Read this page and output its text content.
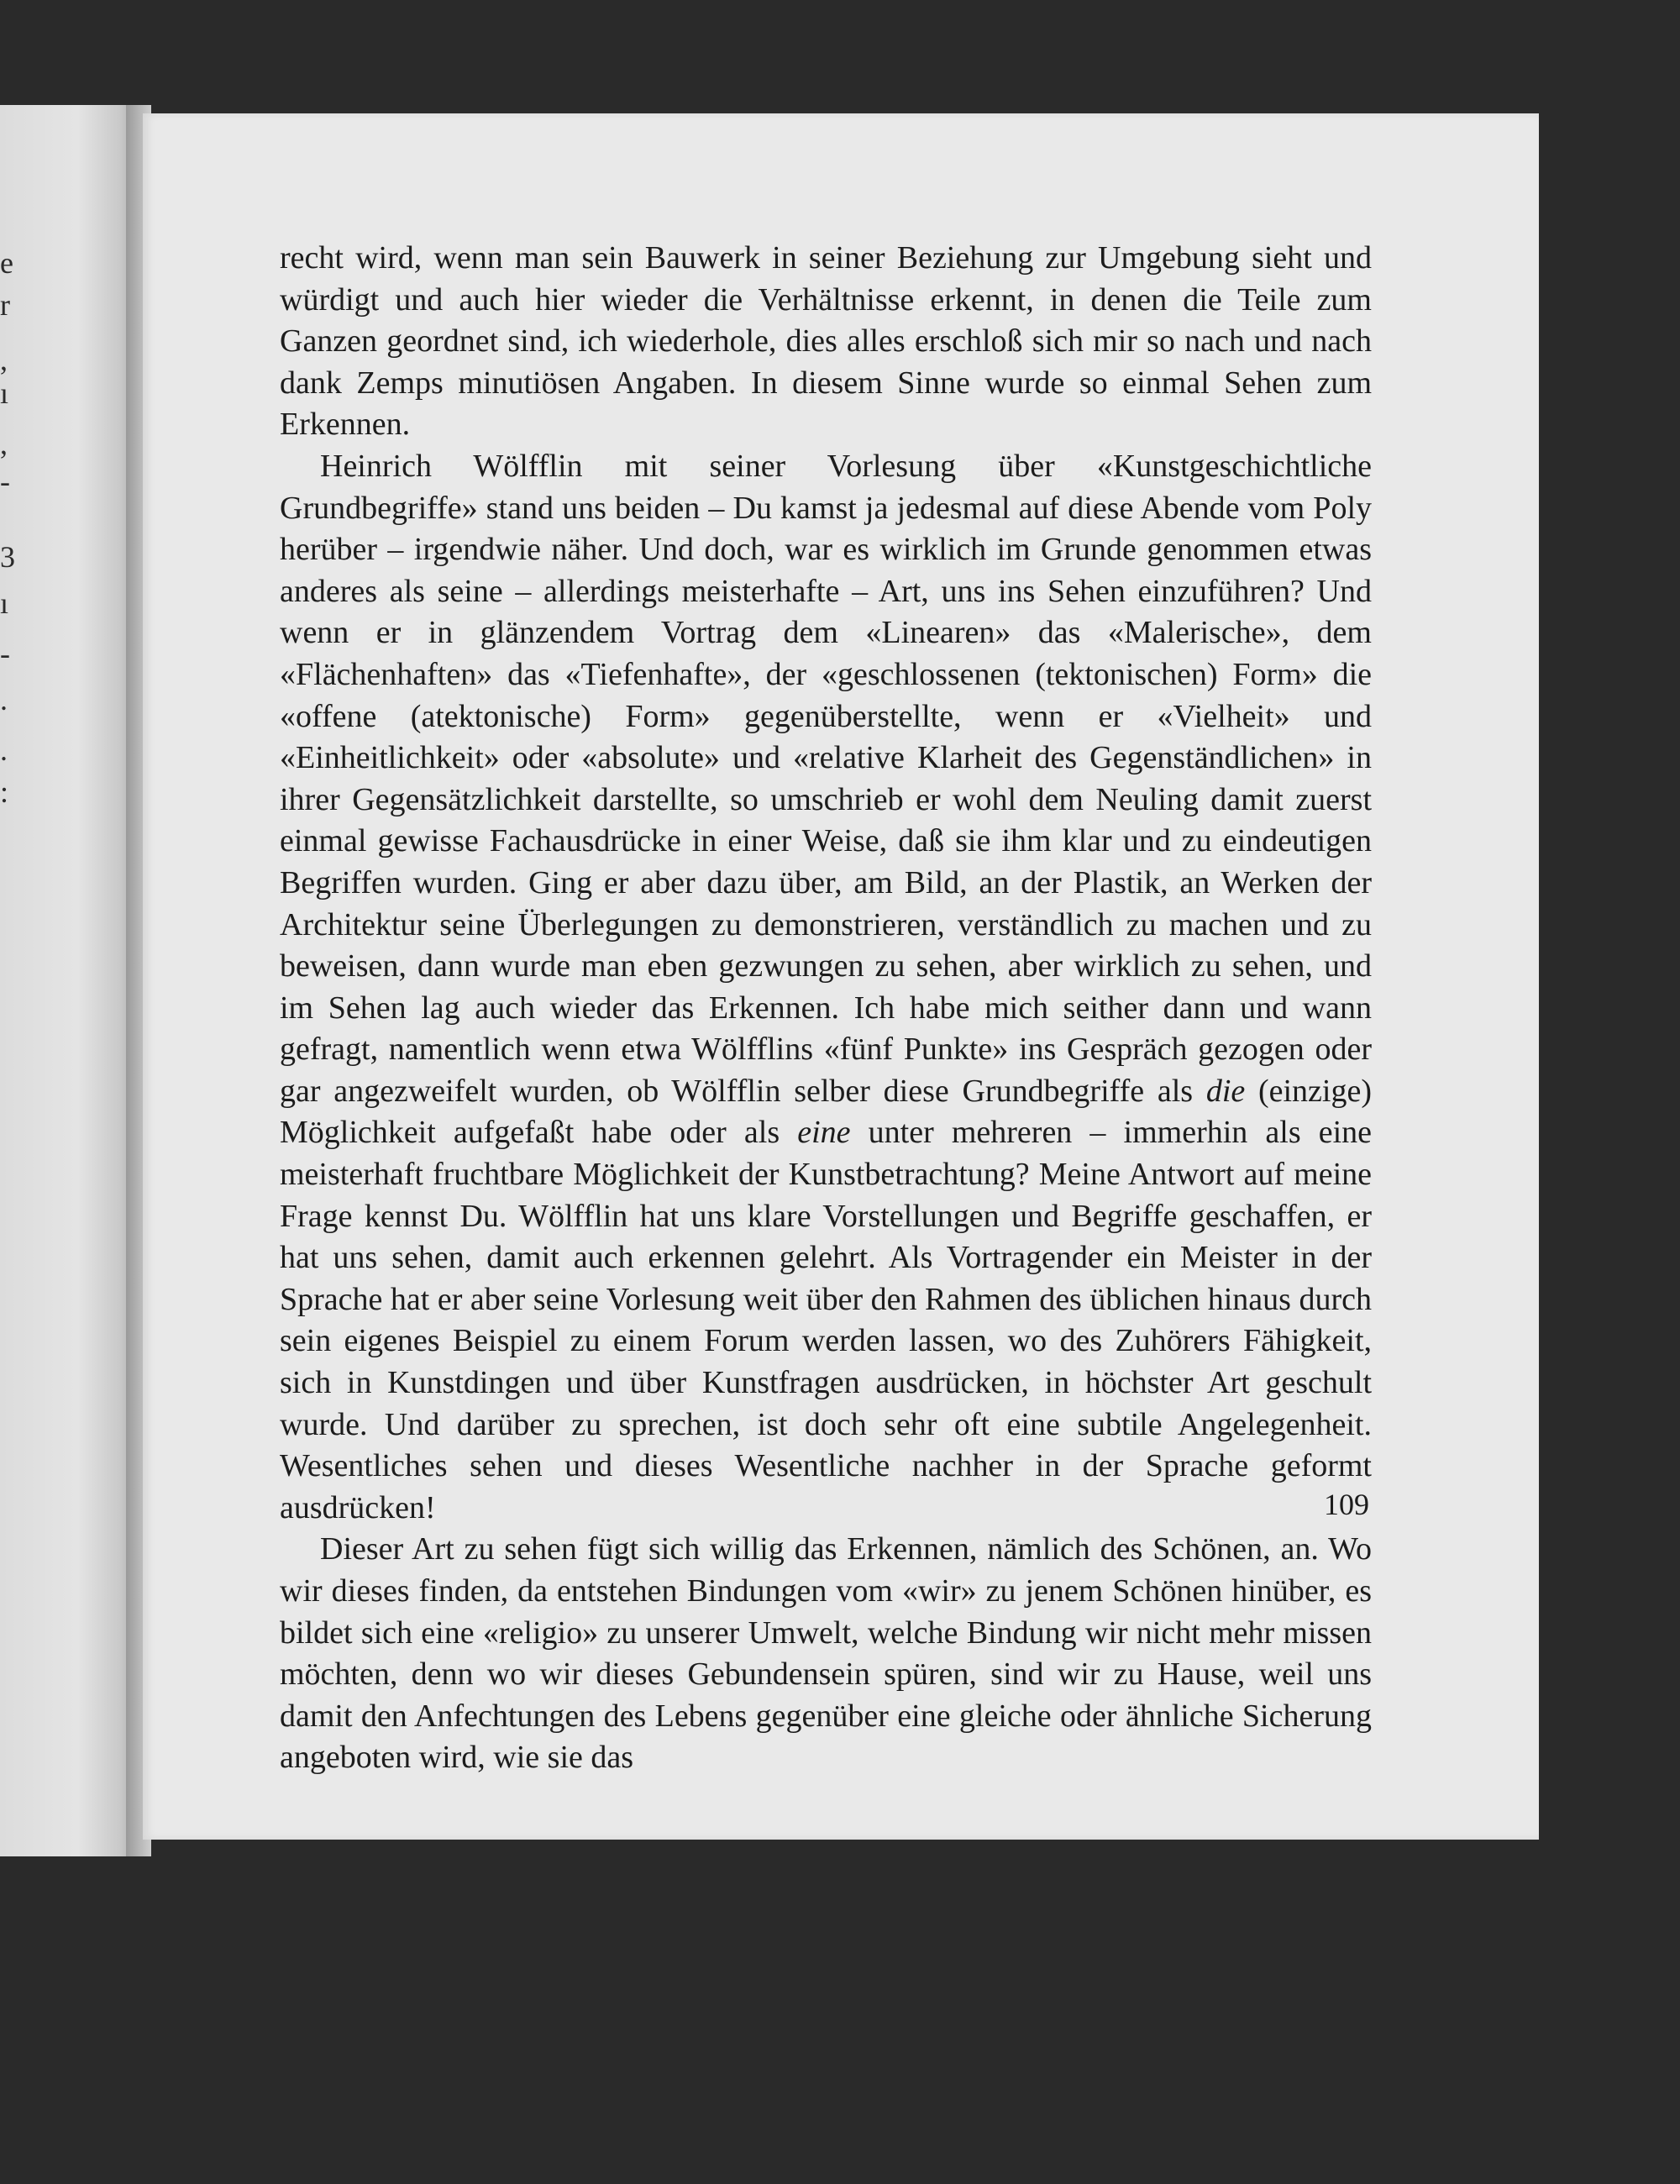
e
r
,
ı
,
-
3
ı
-
.
.
:

recht wird, wenn man sein Bauwerk in seiner Beziehung zur Umgebung sieht und würdigt und auch hier wieder die Verhältnisse erkennt, in denen die Teile zum Ganzen geordnet sind, ich wiederhole, dies alles erschloß sich mir so nach und nach dank Zemps minutiösen Angaben. In diesem Sinne wurde so einmal Sehen zum Erkennen.

Heinrich Wölfflin mit seiner Vorlesung über «Kunstgeschichtliche Grundbegriffe» stand uns beiden – Du kamst ja jedesmal auf diese Abende vom Poly herüber – irgendwie näher. Und doch, war es wirklich im Grunde genommen etwas anderes als seine – allerdings meisterhafte – Art, uns ins Sehen einzuführen? Und wenn er in glänzendem Vortrag dem «Linearen» das «Malerische», dem «Flächenhaften» das «Tiefenhafte», der «geschlossenen (tektonischen) Form» die «offene (atektonische) Form» gegenüberstellte, wenn er «Vielheit» und «Einheitlichkeit» oder «absolute» und «relative Klarheit des Gegenständlichen» in ihrer Gegensätzlichkeit darstellte, so umschrieb er wohl dem Neuling damit zuerst einmal gewisse Fachausdrücke in einer Weise, daß sie ihm klar und zu eindeutigen Begriffen wurden. Ging er aber dazu über, am Bild, an der Plastik, an Werken der Architektur seine Überlegungen zu demonstrieren, verständlich zu machen und zu beweisen, dann wurde man eben gezwungen zu sehen, aber wirklich zu sehen, und im Sehen lag auch wieder das Erkennen. Ich habe mich seither dann und wann gefragt, namentlich wenn etwa Wölfflins «fünf Punkte» ins Gespräch gezogen oder gar angezweifelt wurden, ob Wölfflin selber diese Grundbegriffe als die (einzige) Möglichkeit aufgefaßt habe oder als eine unter mehreren – immerhin als eine meisterhaft fruchtbare Möglichkeit der Kunstbetrachtung? Meine Antwort auf meine Frage kennst Du. Wölfflin hat uns klare Vorstellungen und Begriffe geschaffen, er hat uns sehen, damit auch erkennen gelehrt. Als Vortragender ein Meister in der Sprache hat er aber seine Vorlesung weit über den Rahmen des üblichen hinaus durch sein eigenes Beispiel zu einem Forum werden lassen, wo des Zuhörers Fähigkeit, sich in Kunstdingen und über Kunstfragen ausdrücken, in höchster Art geschult wurde. Und darüber zu sprechen, ist doch sehr oft eine subtile Angelegenheit. Wesentliches sehen und dieses Wesentliche nachher in der Sprache geformt ausdrücken!

Dieser Art zu sehen fügt sich willig das Erkennen, nämlich des Schönen, an. Wo wir dieses finden, da entstehen Bindungen vom «wir» zu jenem Schönen hinüber, es bildet sich eine «religio» zu unserer Umwelt, welche Bindung wir nicht mehr missen möchten, denn wo wir dieses Gebundensein spüren, sind wir zu Hause, weil uns damit den Anfechtungen des Lebens gegenüber eine gleiche oder ähnliche Sicherung angeboten wird, wie sie das

109
